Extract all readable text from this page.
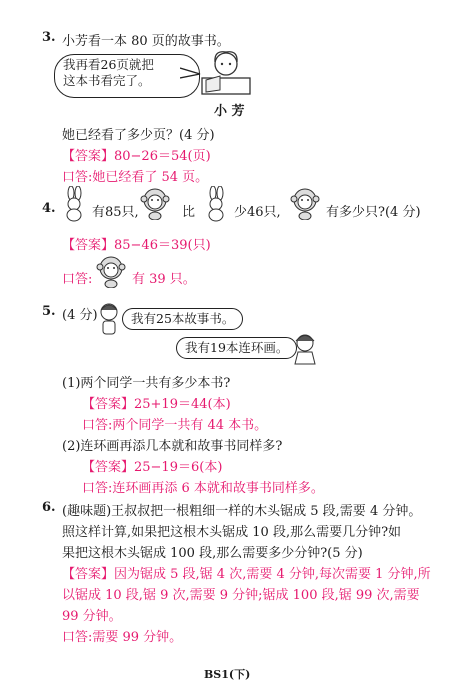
3. 小芳看一本 80 页的故事书。
我再看26页就把
这本书看完了。
小 芳
她已经看了多少页？(4 分)
【答案】80−26＝54(页)
口答:她已经看了 54 页。
4.	有85只,	比	少46只,	有多少只?(4 分)
【答案】85−46＝39(只)
口答:	有 39 只。
5. (4 分)	我有25本故事书。
我有19本连环画。
(1)两个同学一共有多少本书?
【答案】25+19＝44(本)
口答:两个同学一共有 44 本书。
(2)连环画再添几本就和故事书同样多?
【答案】25−19＝6(本)
口答:连环画再添 6 本就和故事书同样多。
6. (趣味题)王叔叔把一根粗细一样的木头锯成 5 段,需要 4 分钟。
照这样计算,如果把这根木头锯成 10 段,那么需要几分钟?如
果把这根木头锯成 100 段,那么需要多少分钟?(5 分)
【答案】因为锯成 5 段,锯 4 次,需要 4 分钟,每次需要 1 分钟,所
以锯成 10 段,锯 9 次,需要 9 分钟;锯成 100 段,锯 99 次,需要
99 分钟。
口答:需要 99 分钟。
BS1(下)
